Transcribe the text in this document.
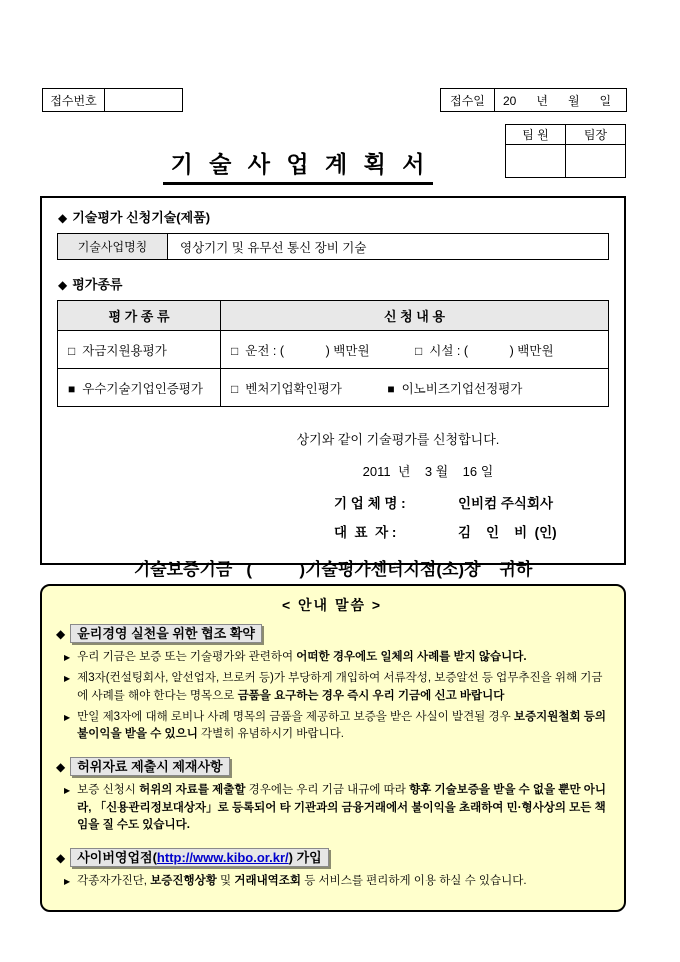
접수번호		접수일	20      년      월      일
팀 원	팀장

기 술 사 업 계 획 서
◆ 기술평가 신청기술(제품)
기술사업명칭	영상기기 및 유무선 통신 장비 기술
◆ 평가종류
평 가 종 류	신 청 내 용
□ 자금지원용평가	□ 운전 : (            ) 백만원 □ 시설 : (            ) 백만원
■ 우수기술기업인증평가	□ 벤처기업확인평가 ■ 이노비즈기업선정평가
상기와 같이 기술평가를 신청합니다.
2011  년    3 월    16 일
기 업 체 명 :	인비컴 주식회사
대  표  자 :	김    인    비  (인)
기술보증기금   (          )기술평가센터지점(소)장    귀하
< 안내 말씀 >
◆ 윤리경영 실천을 위한 협조 확약
▶ 우리 기금은 보증 또는 기술평가와 관련하여 어떠한 경우에도 일체의 사례를 받지 않습니다.
▶ 제3자(컨설팅회사, 알선업자, 브로커 등)가 부당하게 개입하여 서류작성, 보증알선 등 업무추진을 위해 기금에 사례를 해야 한다는 명목으로 금품을 요구하는 경우 즉시 우리 기금에 신고 바랍니다
▶ 만일 제3자에 대해 로비나 사례 명목의 금품을 제공하고 보증을 받은 사실이 발견될 경우 보증지원철회 등의 불이익을 받을 수 있으니 각별히 유념하시기 바랍니다.
◆ 허위자료 제출시 제재사항
▶ 보증 신청시 허위의 자료를 제출할 경우에는 우리 기금 내규에 따라 향후 기술보증을 받을 수 없을 뿐만 아니라, 「신용관리정보대상자」로 등록되어 타 기관과의 금융거래에서 불이익을 초래하여 민·형사상의 모든 책임을 질 수도 있습니다.
◆ 사이버영업점(http://www.kibo.or.kr/) 가입
▶ 각종자가진단, 보증진행상황 및 거래내역조회 등 서비스를 편리하게 이용 하실 수 있습니다.
